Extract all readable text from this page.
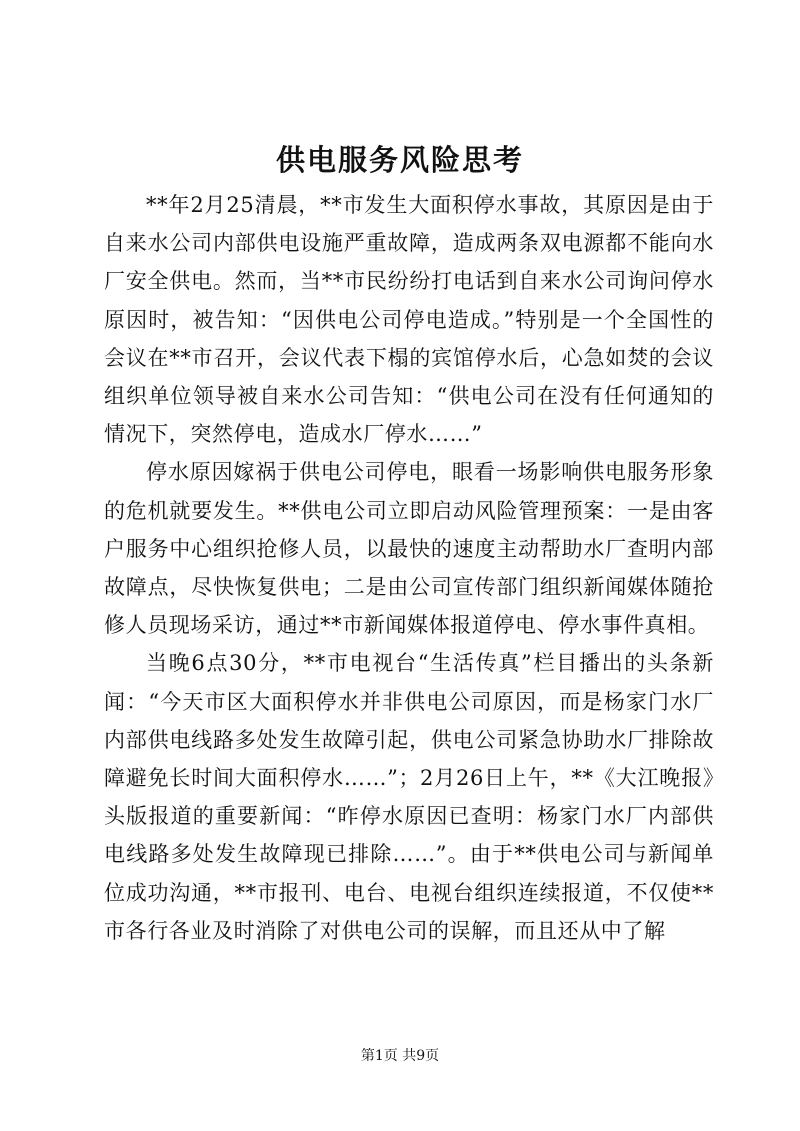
供电服务风险思考

**年2月25清晨，**市发生大面积停水事故，其原因是由于自来水公司内部供电设施严重故障，造成两条双电源都不能向水厂安全供电。然而，当**市民纷纷打电话到自来水公司询问停水原因时，被告知：“因供电公司停电造成。”特别是一个全国性的会议在**市召开，会议代表下榻的宾馆停水后，心急如焚的会议组织单位领导被自来水公司告知：“供电公司在没有任何通知的情况下，突然停电，造成水厂停水……”

停水原因嫁祸于供电公司停电，眼看一场影响供电服务形象的危机就要发生。**供电公司立即启动风险管理预案：一是由客户服务中心组织抢修人员，以最快的速度主动帮助水厂查明内部故障点，尽快恢复供电；二是由公司宣传部门组织新闻媒体随抢修人员现场采访，通过**市新闻媒体报道停电、停水事件真相。

当晚6点30分，**市电视台“生活传真”栏目播出的头条新闻：“今天市区大面积停水并非供电公司原因，而是杨家门水厂内部供电线路多处发生故障引起，供电公司紧急协助水厂排除故障避免长时间大面积停水……”；2月26日上午，**《大江晚报》头版报道的重要新闻：“昨停水原因已查明：杨家门水厂内部供电线路多处发生故障现已排除……”。由于**供电公司与新闻单位成功沟通，**市报刊、电台、电视台组织连续报道，不仅使**市各行各业及时消除了对供电公司的误解，而且还从中了解

第1页 共9页
